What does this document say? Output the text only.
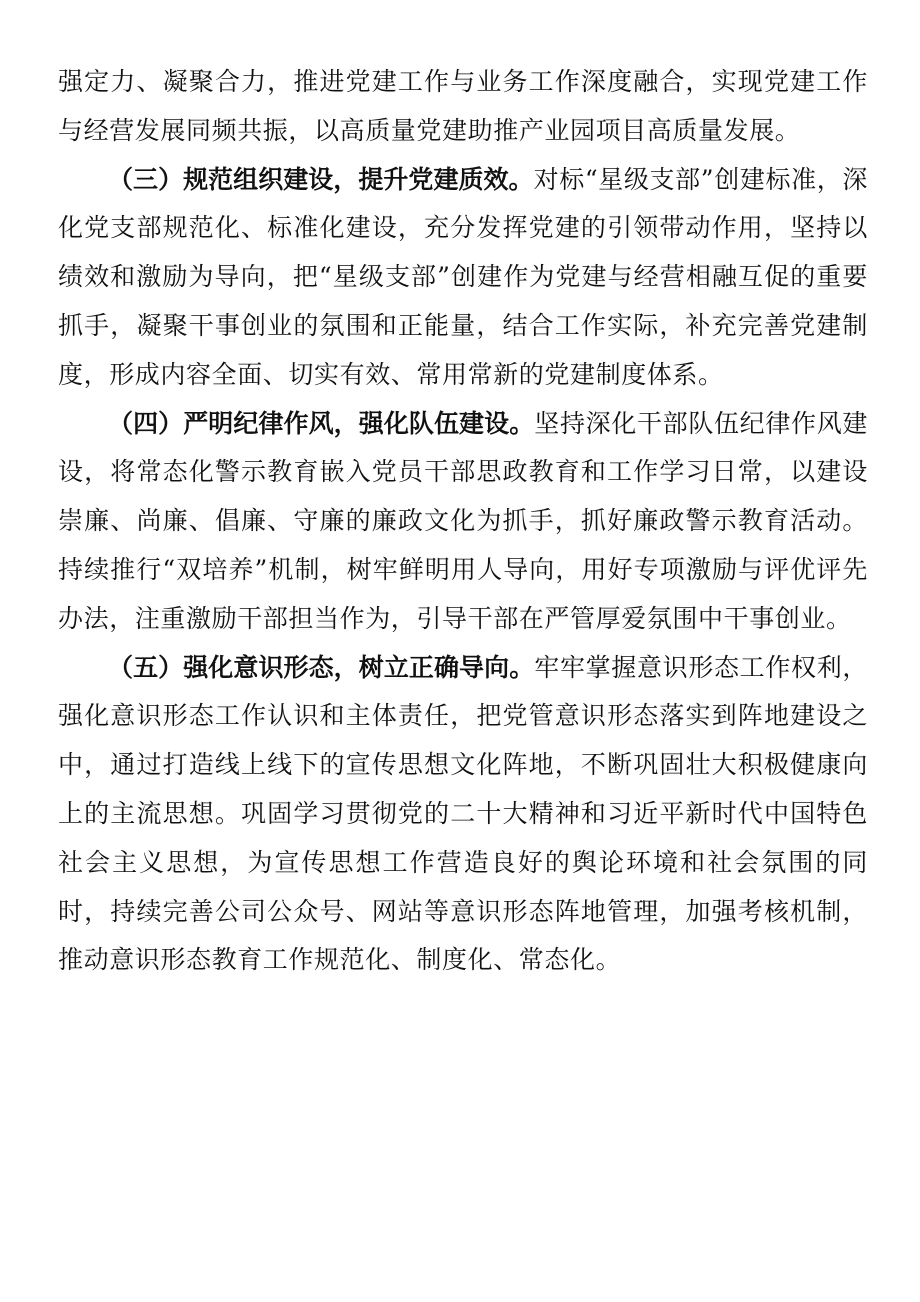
强定力、凝聚合力，推进党建工作与业务工作深度融合，实现党建工作与经营发展同频共振，以高质量党建助推产业园项目高质量发展。

（三）规范组织建设，提升党建质效。对标“星级支部”创建标准，深化党支部规范化、标准化建设，充分发挥党建的引领带动作用，坚持以绩效和激励为导向，把“星级支部”创建作为党建与经营相融互促的重要抓手，凝聚干事创业的氛围和正能量，结合工作实际，补充完善党建制度，形成内容全面、切实有效、常用常新的党建制度体系。

（四）严明纪律作风，强化队伍建设。坚持深化干部队伍纪律作风建设，将常态化警示教育嵌入党员干部思政教育和工作学习日常，以建设崇廉、尚廉、倡廉、守廉的廉政文化为抓手，抓好廉政警示教育活动。持续推行“双培养”机制，树牢鲜明用人导向，用好专项激励与评优评先办法，注重激励干部担当作为，引导干部在严管厚爱氛围中干事创业。

（五）强化意识形态，树立正确导向。牢牢掌握意识形态工作权利，强化意识形态工作认识和主体责任，把党管意识形态落实到阵地建设之中，通过打造线上线下的宣传思想文化阵地，不断巩固壮大积极健康向上的主流思想。巩固学习贯彻党的二十大精神和习近平新时代中国特色社会主义思想，为宣传思想工作营造良好的舆论环境和社会氛围的同时，持续完善公司公众号、网站等意识形态阵地管理，加强考核机制，推动意识形态教育工作规范化、制度化、常态化。
